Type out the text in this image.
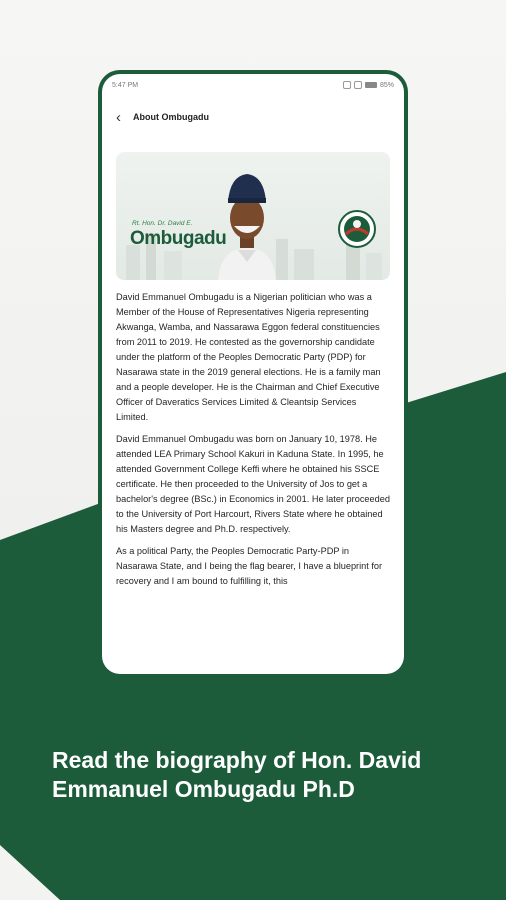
5:47 PM	85%
‹ About Ombugadu
Rt. Hon. Dr. David E.
Ombugadu

David Emmanuel Ombugadu is a Nigerian politician who was a Member of the House of Representatives Nigeria representing Akwanga, Wamba, and Nassarawa Eggon federal constituencies from 2011 to 2019. He contested as the governorship candidate under the platform of the Peoples Democratic Party (PDP) for Nasarawa state in the 2019 general elections. He is a family man and a people developer. He is the Chairman and Chief Executive Officer of Daveratics Services Limited & Cleantsip Services Limited.

David Emmanuel Ombugadu was born on January 10, 1978. He attended LEA Primary School Kakuri in Kaduna State. In 1995, he attended Government College Keffi where he obtained his SSCE certificate. He then proceeded to the University of Jos to get a bachelor's degree (BSc.) in Economics in 2001. He later proceeded to the University of Port Harcourt, Rivers State where he obtained his Masters degree and Ph.D. respectively.

As a political Party, the Peoples Democratic Party-PDP in Nasarawa State, and I being the flag bearer, I have a blueprint for recovery and I am bound to fulfilling it, this

Read the biography of Hon. David Emmanuel Ombugadu Ph.D
